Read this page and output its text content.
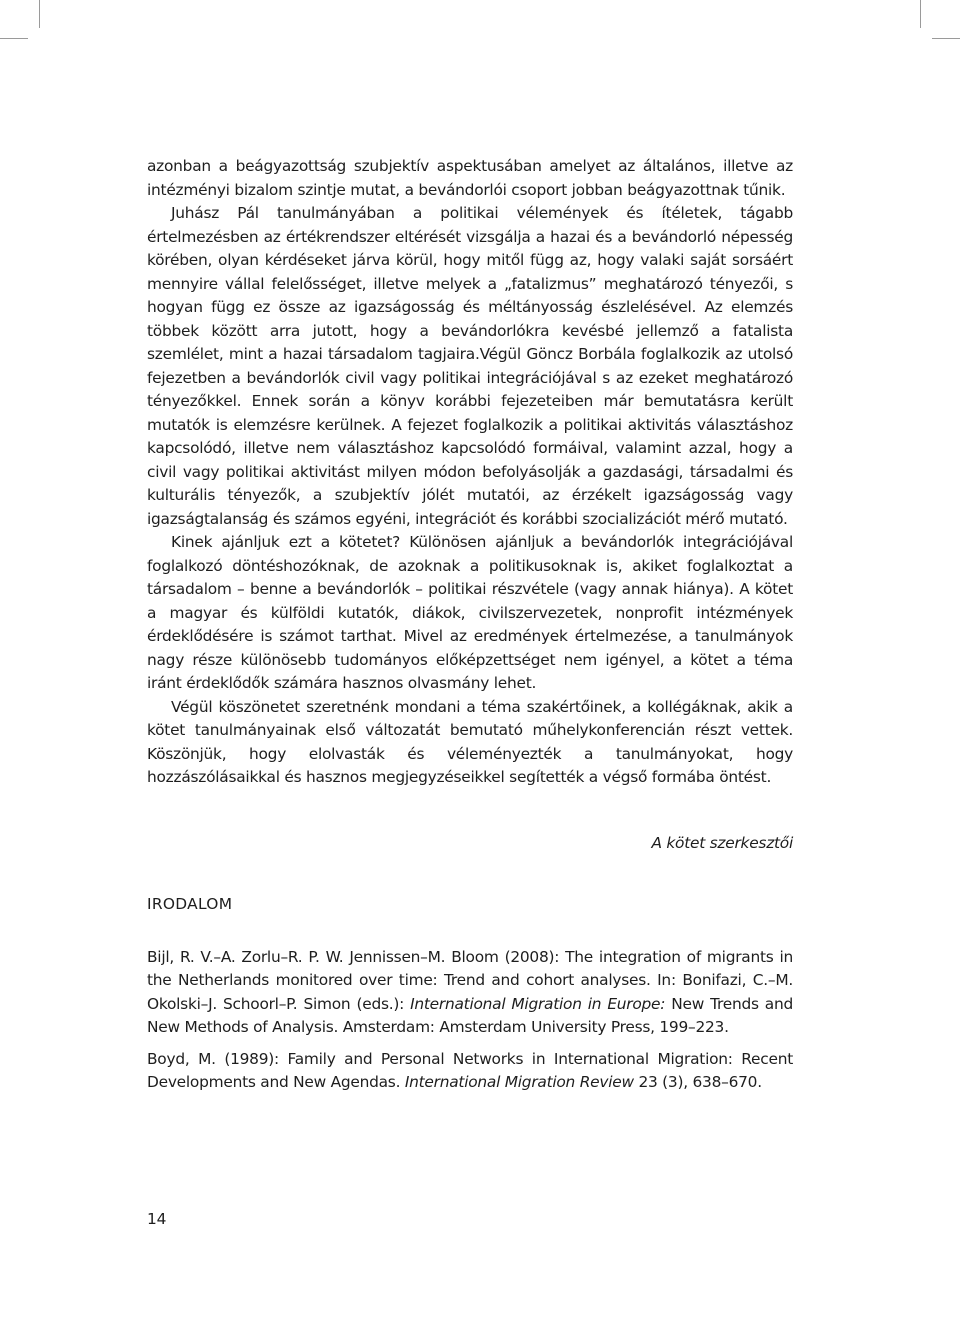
azonban a beágyazottság szubjektív aspektusában amelyet az általános, illetve az intézményi bizalom szintje mutat, a bevándorlói csoport jobban beágyazottnak tűnik.

Juhász Pál tanulmányában a politikai vélemények és ítéletek, tágabb értelmezésben az értékrendszer eltérését vizsgálja a hazai és a bevándorló népesség körében, olyan kérdéseket járva körül, hogy mitől függ az, hogy valaki saját sorsáért mennyire vállal felelősséget, illetve melyek a „fatalizmus” meghatározó tényezői, s hogyan függ ez össze az igazságosság és méltányosság észlelésével. Az elemzés többek között arra jutott, hogy a bevándorlókra kevésbé jellemző a fatalista szemlélet, mint a hazai társadalom tagjaira.Végül Göncz Borbála foglalkozik az utolsó fejezetben a bevándorlók civil vagy politikai integrációjával s az ezeket meghatározó tényezőkkel. Ennek során a könyv korábbi fejezeteiben már bemutatásra került mutatók is elemzésre kerülnek. A fejezet foglalkozik a politikai aktivitás választáshoz kapcsolódó, illetve nem választáshoz kapcsolódó formáival, valamint azzal, hogy a civil vagy politikai aktivitást milyen módon befolyásolják a gazdasági, társadalmi és kulturális tényezők, a szubjektív jólét mutatói, az érzékelt igazságosság vagy igazságtalanság és számos egyéni, integrációt és korábbi szocializációt mérő mutató.

Kinek ajánljuk ezt a kötetet? Különösen ajánljuk a bevándorlók integrációjával foglalkozó döntéshozóknak, de azoknak a politikusoknak is, akiket foglalkoztat a társadalom – benne a bevándorlók – politikai részvétele (vagy annak hiánya). A kötet a magyar és külföldi kutatók, diákok, civilszervezetek, nonprofit intézmények érdeklődésére is számot tarthat. Mivel az eredmények értelmezése, a tanulmányok nagy része különösebb tudományos előképzettséget nem igényel, a kötet a téma iránt érdeklődők számára hasznos olvasmány lehet.

Végül köszönetet szeretnénk mondani a téma szakértőinek, a kollégáknak, akik a kötet tanulmányainak első változatát bemutató műhelykonferencián részt vettek. Köszönjük, hogy elolvasták és véleményezték a tanulmányokat, hogy hozzászólásaikkal és hasznos megjegyzéseikkel segítették a végső formába öntést.

A kötet szerkesztői

IRODALOM

Bijl, R. V.–A. Zorlu–R. P. W. Jennissen–M. Bloom (2008): The integration of migrants in the Netherlands monitored over time: Trend and cohort analyses. In: Bonifazi, C.–M. Okolski–J. Schoorl–P. Simon (eds.): International Migration in Europe: New Trends and New Methods of Analysis. Amsterdam: Amsterdam University Press, 199–223.

Boyd, M. (1989): Family and Personal Networks in International Migration: Recent Developments and New Agendas. International Migration Review 23 (3), 638–670.

14
